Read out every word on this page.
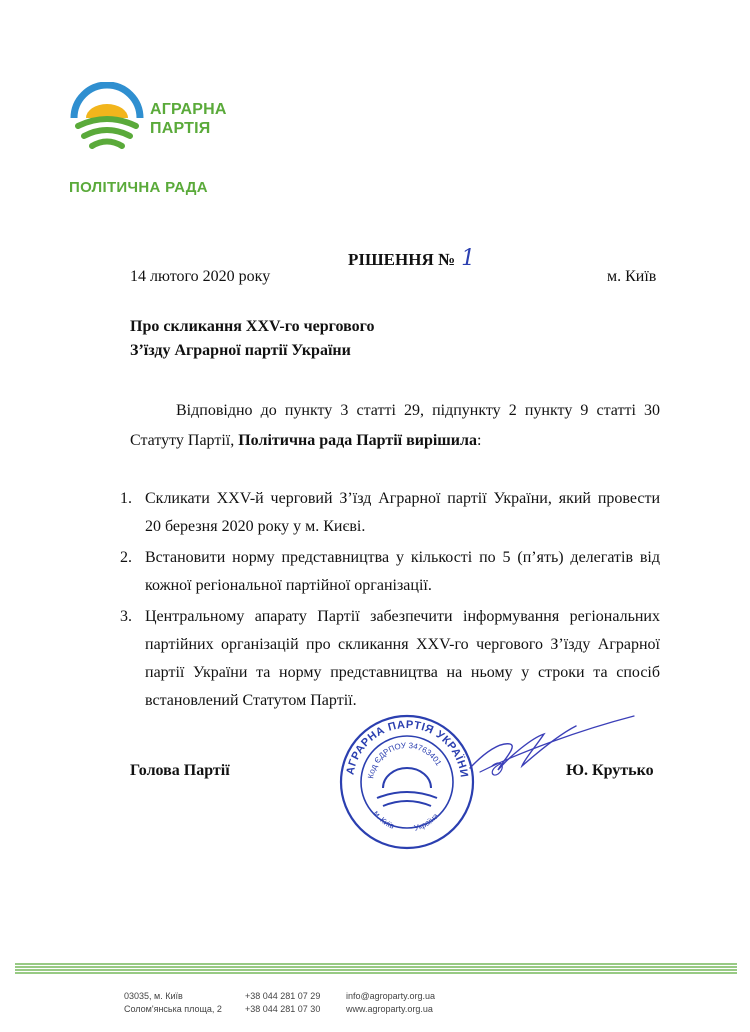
АГРАРНА
ПАРТІЯ
ПОЛІТИЧНА РАДА
РІШЕННЯ № 1
14 лютого 2020 року	м. Київ
Про скликання XXV-го чергового
З’їзду Аграрної партії України
Відповідно до пункту 3 статті 29, підпункту 2 пункту 9 статті 30
Статуту Партії, Політична рада Партії вирішила:
1. Скликати XXV-й черговий З’їзд Аграрної партії України, який провести
20 березня 2020 року у м. Києві.
2. Встановити норму представництва у кількості по 5 (п’ять) делегатів від
кожної регіональної партійної організації.
3. Центральному апарату Партії забезпечити інформування регіональних
партійних організацій про скликання XXV-го чергового З’їзду Аграрної
партії України та норму представництва на ньому у строки та спосіб
встановлений Статутом Партії.
Голова Партії	Ю. Крутько
АГРАРНА ПАРТІЯ УКРАЇНИ
Код ЄДРПОУ 34763401
м. Київ Україна
03035, м. Київ
Солом'янська площа, 2
+38 044 281 07 29
+38 044 281 07 30
info@agroparty.org.ua
www.agroparty.org.ua
